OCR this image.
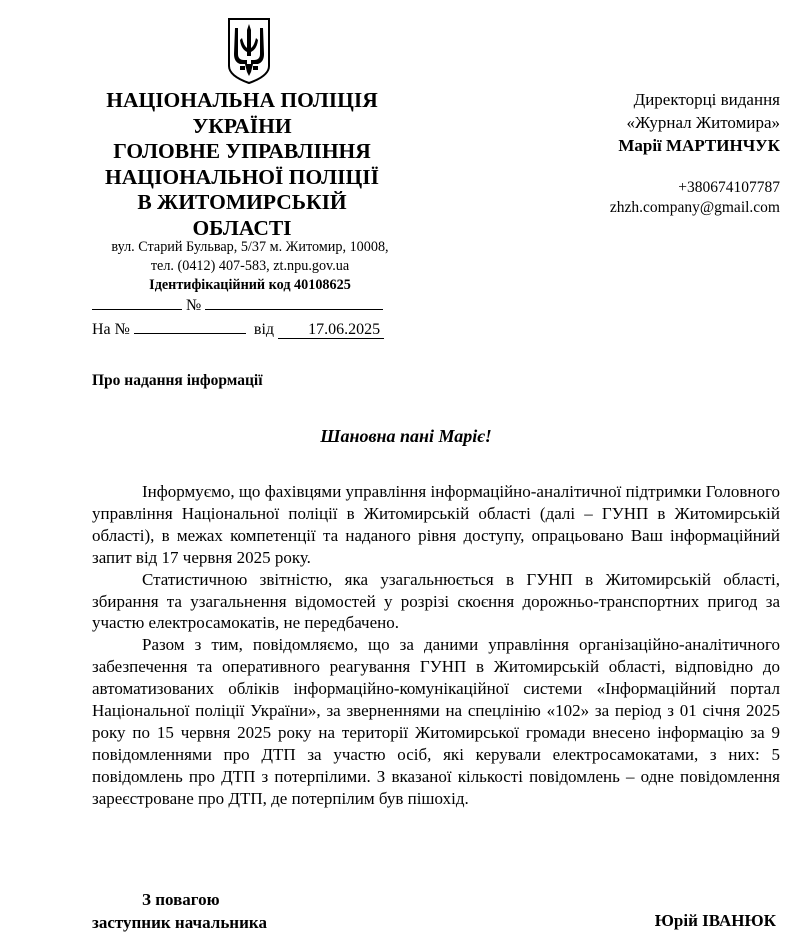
НАЦІОНАЛЬНА ПОЛІЦІЯ
УКРАЇНИ
ГОЛОВНЕ УПРАВЛІННЯ
НАЦІОНАЛЬНОЇ ПОЛІЦІЇ
В ЖИТОМИРСЬКІЙ
ОБЛАСТІ
вул. Старий Бульвар, 5/37 м. Житомир, 10008,
тел. (0412) 407-583, zt.npu.gov.ua
Ідентифікаційний код 40108625
№
На №	від 17.06.2025
Директорці видання
«Журнал Житомира»
Марії МАРТИНЧУК
+380674107787
zhzh.company@gmail.com
Про надання інформації
Шановна пані Маріє!

Інформуємо, що фахівцями управління інформаційно-аналітичної підтримки Головного управління Національної поліції в Житомирській області (далі – ГУНП в Житомирській області), в межах компетенції та наданого рівня доступу, опрацьовано Ваш інформаційний запит від 17 червня 2025 року.

Статистичною звітністю, яка узагальнюється в ГУНП в Житомирській області, збирання та узагальнення відомостей у розрізі скоєння дорожньо-транспортних пригод за участю електросамокатів, не передбачено.

Разом з тим, повідомляємо, що за даними управління організаційно-аналітичного забезпечення та оперативного реагування ГУНП в Житомирській області, відповідно до автоматизованих обліків інформаційно-комунікаційної системи «Інформаційний портал Національної поліції України», за зверненнями на спецлінію «102» за період з 01 січня 2025 року по 15 червня 2025 року на території Житомирської громади внесено інформацію за 9 повідомленнями про ДТП за участю осіб, які керували електросамокатами, з них: 5 повідомлень про ДТП з потерпілими. З вказаної кількості повідомлень – одне повідомлення зареєстроване про ДТП, де потерпілим був пішохід.

З повагою
заступник начальника	Юрій ІВАНЮК
